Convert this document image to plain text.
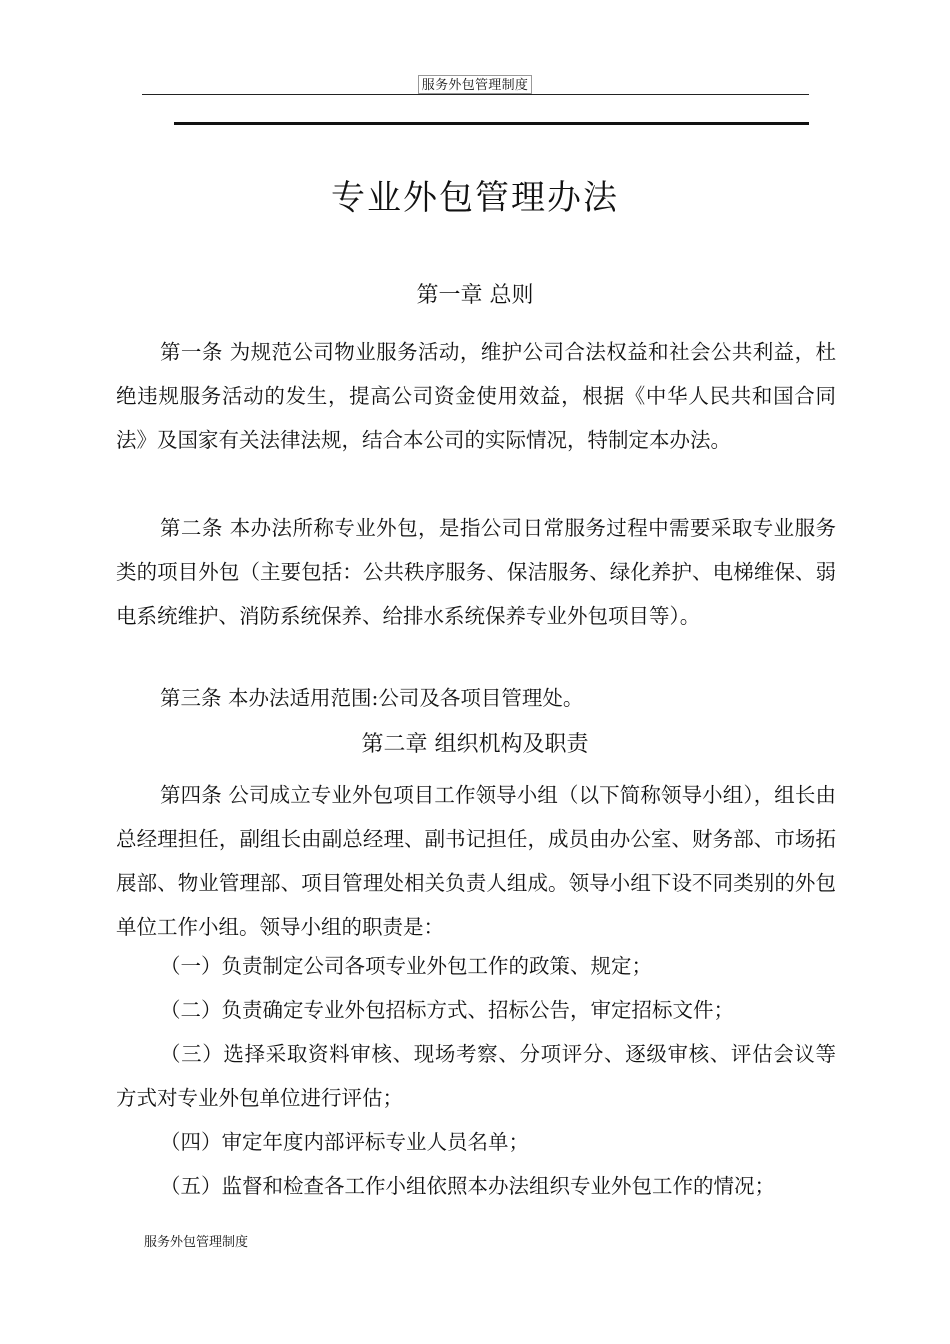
服务外包管理制度
专业外包管理办法
第一章 总则

第一条 为规范公司物业服务活动，维护公司合法权益和社会公共利益，杜绝违规服务活动的发生，提高公司资金使用效益，根据《中华人民共和国合同法》及国家有关法律法规，结合本公司的实际情况，特制定本办法。

第二条 本办法所称专业外包，是指公司日常服务过程中需要采取专业服务类的项目外包（主要包括：公共秩序服务、保洁服务、绿化养护、电梯维保、弱电系统维护、消防系统保养、给排水系统保养专业外包项目等）。

第三条 本办法适用范围:公司及各项目管理处。

第二章 组织机构及职责

第四条 公司成立专业外包项目工作领导小组（以下简称领导小组），组长由总经理担任，副组长由副总经理、副书记担任，成员由办公室、财务部、市场拓展部、物业管理部、项目管理处相关负责人组成。领导小组下设不同类别的外包单位工作小组。领导小组的职责是：

（一）负责制定公司各项专业外包工作的政策、规定；

（二）负责确定专业外包招标方式、招标公告，审定招标文件；

（三）选择采取资料审核、现场考察、分项评分、逐级审核、评估会议等方式对专业外包单位进行评估；

（四）审定年度内部评标专业人员名单；

（五）监督和检查各工作小组依照本办法组织专业外包工作的情况；

服务外包管理制度
